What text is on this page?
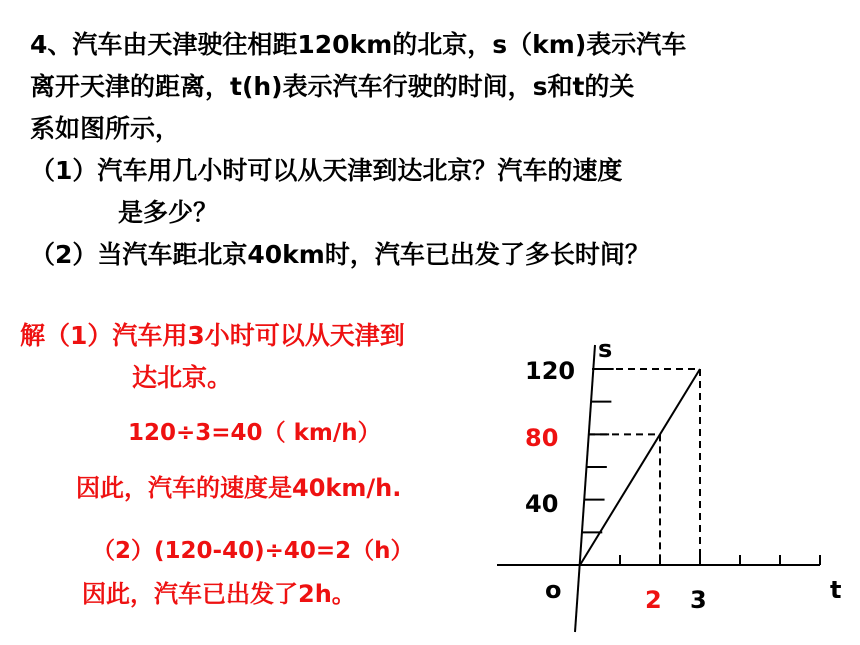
4、汽车由天津驶往相距120km的北京，s（km)表示汽车
离开天津的距离，t(h)表示汽车行驶的时间，s和t的关
系如图所示，
（1）汽车用几小时可以从天津到达北京？汽车的速度
是多少？
（2）当汽车距北京40km时，汽车已出发了多长时间？
解（1）汽车用3小时可以从天津到
达北京。
120÷3=40（ km/h）
因此，汽车的速度是40km/h.
（2）(120-40)÷40=2（h）
因此，汽车已出发了2h。
s
t
o
120
80
40
2 3
